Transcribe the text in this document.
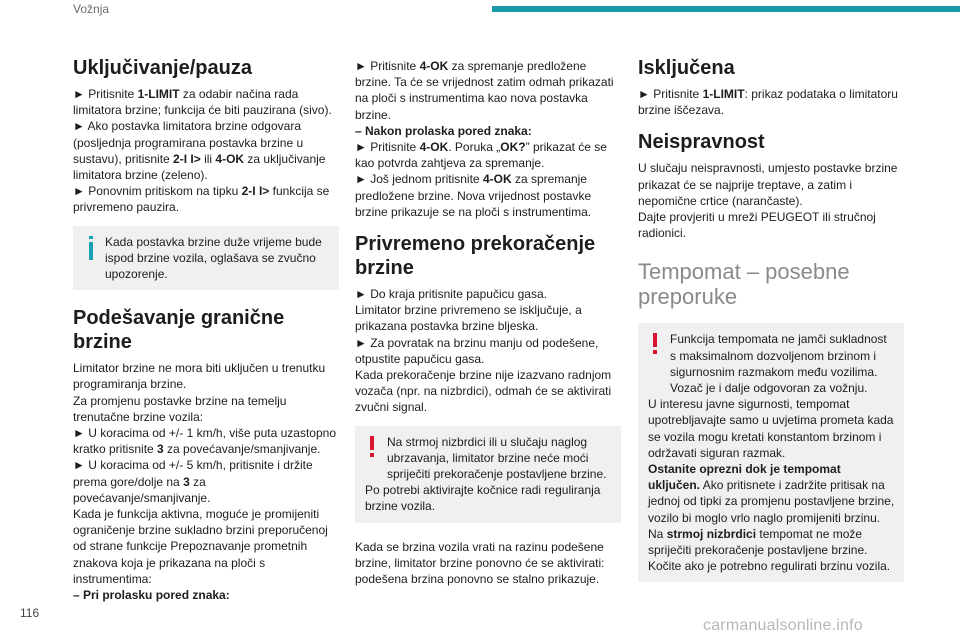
Vožnja
Uključivanje/pauza

► Pritisnite 1-LIMIT za odabir načina rada limitatora brzine; funkcija će biti pauzirana (sivo).

► Ako postavka limitatora brzine odgovara (posljednja programirana postavka brzine u sustavu), pritisnite 2-I I> ili 4-OK za uključivanje limitatora brzine (zeleno).

► Ponovnim pritiskom na tipku 2-I I> funkcija se privremeno pauzira.

Kada postavka brzine duže vrijeme bude ispod brzine vozila, oglašava se zvučno upozorenje.

Podešavanje granične brzine

Limitator brzine ne mora biti uključen u trenutku programiranja brzine.

Za promjenu postavke brzine na temelju trenutačne brzine vozila:

► U koracima od +/- 1 km/h, više puta uzastopno kratko pritisnite 3 za povećavanje/smanjivanje.

► U koracima od +/- 5 km/h, pritisnite i držite prema gore/dolje na 3 za povećavanje/smanjivanje.

Kada je funkcija aktivna, moguće je promijeniti ograničenje brzine sukladno brzini preporučenoj od strane funkcije Prepoznavanje prometnih znakova koja je prikazana na ploči s instrumentima:

– Pri prolasku pored znaka:

► Pritisnite 4-OK za spremanje predložene brzine. Ta će se vrijednost zatim odmah prikazati na ploči s instrumentima kao nova postavka brzine.

– Nakon prolaska pored znaka:

► Pritisnite 4-OK. Poruka „OK?” prikazat će se kao potvrda zahtjeva za spremanje.

► Još jednom pritisnite 4-OK za spremanje predložene brzine. Nova vrijednost postavke brzine prikazuje se na ploči s instrumentima.

Privremeno prekoračenje brzine

► Do kraja pritisnite papučicu gasa.

Limitator brzine privremeno se isključuje, a prikazana postavka brzine bljeska.

► Za povratak na brzinu manju od podešene, otpustite papučicu gasa.

Kada prekoračenje brzine nije izazvano radnjom vozača (npr. na nizbrdici), odmah će se aktivirati zvučni signal.

Na strmoj nizbrdici ili u slučaju naglog ubrzavanja, limitator brzine neće moći spriječiti prekoračenje postavljene brzine.

Po potrebi aktivirajte kočnice radi reguliranja brzine vozila.

Kada se brzina vozila vrati na razinu podešene brzine, limitator brzine ponovno će se aktivirati: podešena brzina ponovno se stalno prikazuje.

Isključena

► Pritisnite 1-LIMIT: prikaz podataka o limitatoru brzine iščezava.

Neispravnost

U slučaju neispravnosti, umjesto postavke brzine prikazat će se najprije treptave, a zatim i nepomične crtice (narančaste).

Dajte provjeriti u mreži PEUGEOT ili stručnoj radionici.

Tempomat – posebne preporuke

Funkcija tempomata ne jamči sukladnost s maksimalnom dozvoljenom brzinom i sigurnosnim razmakom među vozilima. Vozač je i dalje odgovoran za vožnju.

U interesu javne sigurnosti, tempomat upotrebljavajte samo u uvjetima prometa kada se vozila mogu kretati konstantom brzinom i održavati siguran razmak.

Ostanite oprezni dok je tempomat uključen. Ako pritisnete i zadržite pritisak na jednoj od tipki za promjenu postavljene brzine, vozilo bi moglo vrlo naglo promijeniti brzinu.

Na strmoj nizbrdici tempomat ne može spriječiti prekoračenje postavljene brzine. Kočite ako je potrebno regulirati brzinu vozila.

116
carmanualsonline.info
